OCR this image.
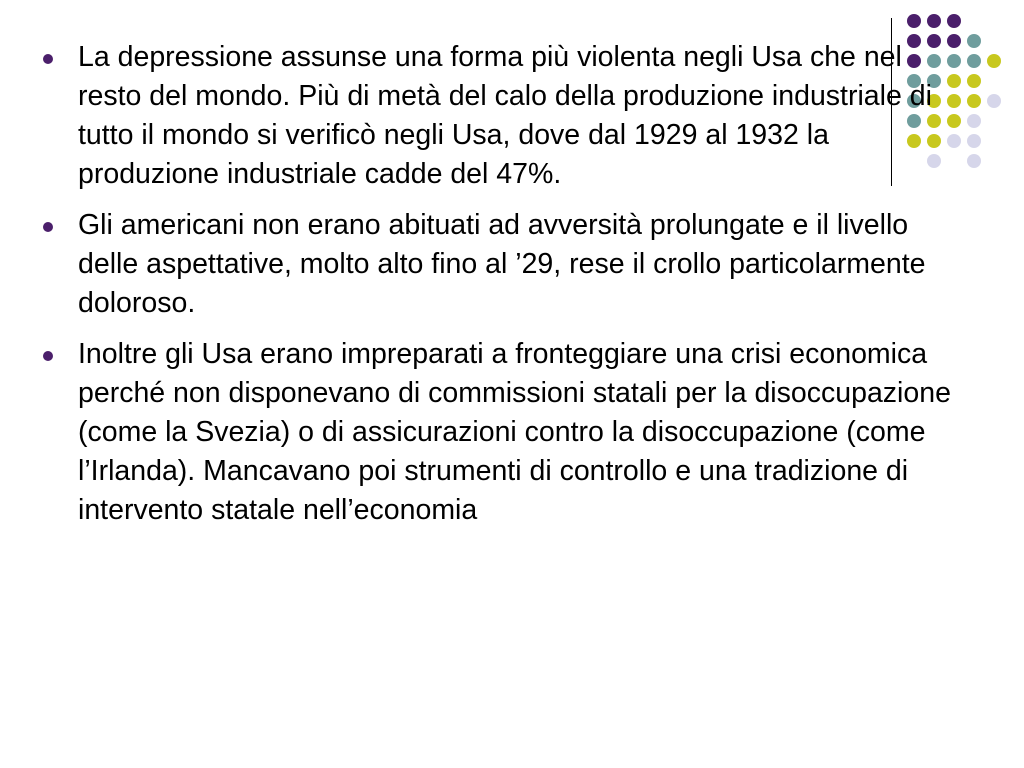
La depressione assunse una forma più violenta negli Usa che nel resto del mondo. Più di metà del calo della produzione industriale di tutto il mondo si verificò negli Usa, dove dal 1929 al 1932 la produzione industriale cadde del 47%.
Gli americani non erano abituati ad avversità prolungate e il livello delle aspettative, molto alto fino al ’29, rese il crollo particolarmente doloroso.
Inoltre gli Usa erano impreparati a fronteggiare una crisi economica perché non disponevano di commissioni statali per la disoccupazione (come la Svezia) o di assicurazioni contro la disoccupazione (come l’Irlanda). Mancavano poi strumenti di controllo e una tradizione di intervento statale nell’economia
